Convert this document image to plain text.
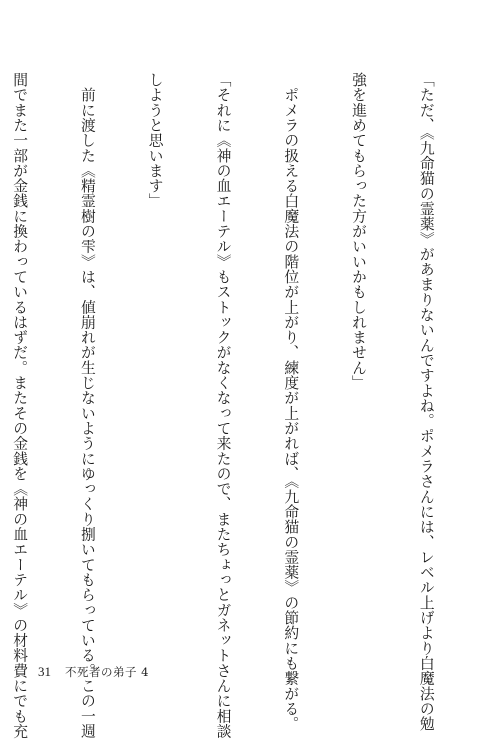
「ただ、《九命猫の霊薬》があまりないんですよね。ポメラさんには、レベル上げより白魔法の勉

強を進めてもらった方がいいかもしれません」

　ポメラの扱える白魔法の階位が上がり、練度が上がれば、《九命猫の霊薬》の節約にも繋がる。

「それに《神の血エーテル》もストックがなくなって来たので、またちょっとガネットさんに相談

しようと思います」

　前に渡した《精霊樹の雫》は、値崩れが生じないようにゆっくり捌いてもらっている。この一週

間でまた一部が金銭に換わっているはずだ。またその金銭を《神の血エーテル》の材料費にでも充

31 不死者の弟子 4
